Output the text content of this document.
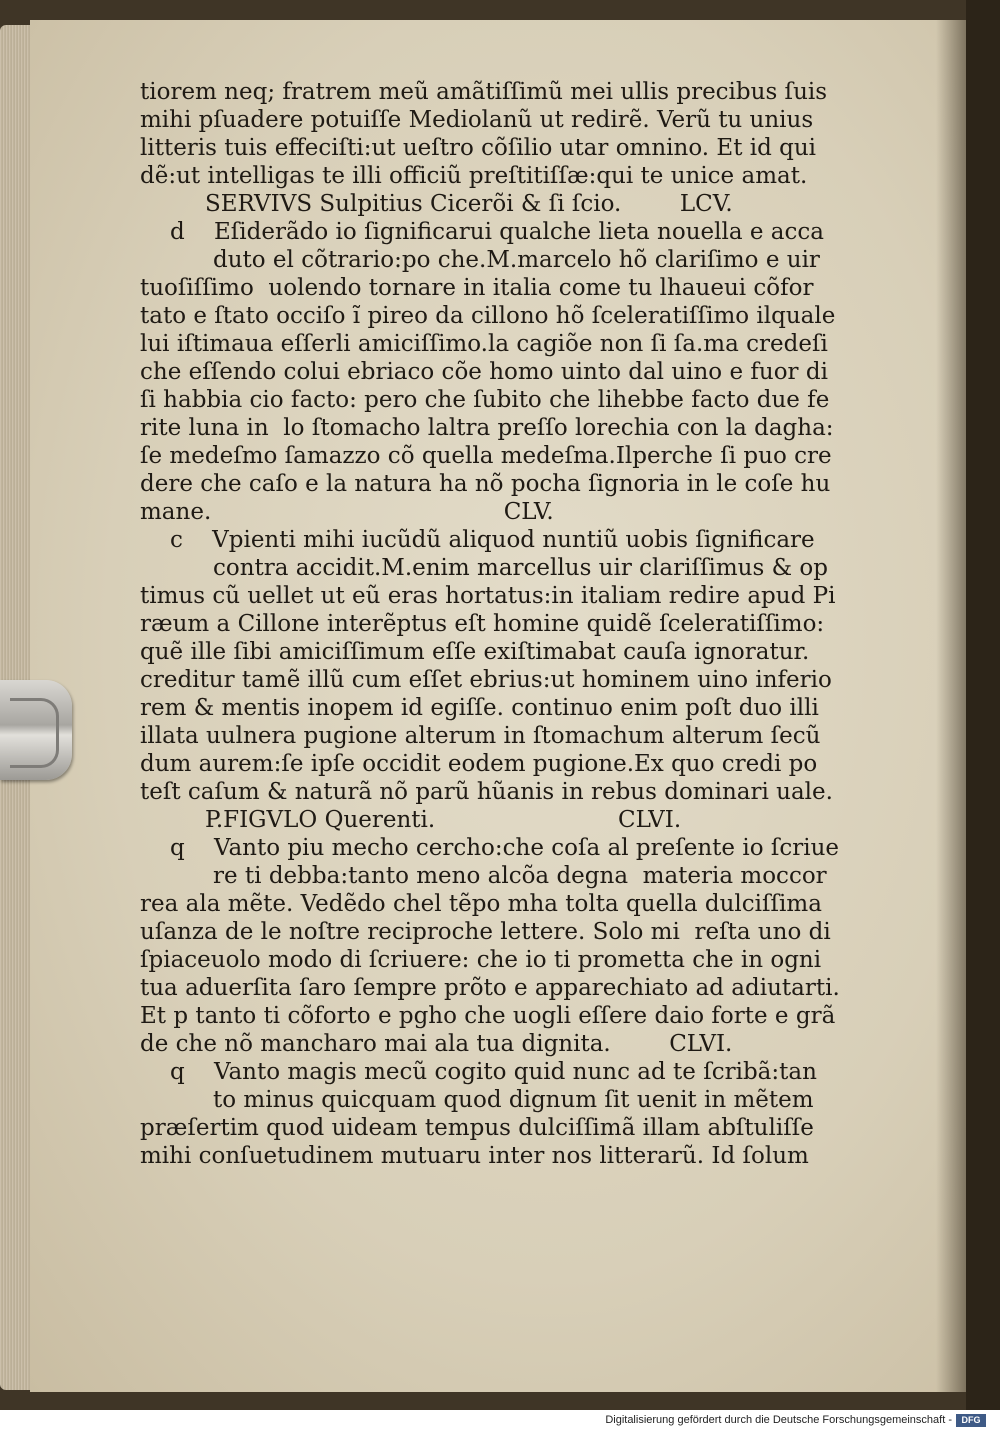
tiorem neq; fratrem meũ amãtiſſimũ mei ullis precibus ſuis
mihi pſuadere potuiſſe Mediolanũ ut redirẽ. Verũ tu unius
litteris tuis effeciſti:ut ueſtro cõſilio utar omnino. Et id qui
dẽ:ut intelligas te illi officiũ preſtitiſſæ:qui te unice amat.
SERVIVS Sulpitius Cicerõi & ſi ſcio.        LCV.
d    Eſiderãdo io ſignificarui qualche lieta nouella e acca
duto el cõtrario:po che.M.marcelo hõ clariſimo e uir
tuoſiſſimo  uolendo tornare in italia come tu lhaueui cõfor
tato e ſtato occiſo ĩ pireo da cillono hõ ſceleratiſſimo ilquale
lui iſtimaua eſſerli amiciſſimo.la cagiõe non ſi ſa.ma credeſi
che eſſendo colui ebriaco cõe homo uinto dal uino e fuor di
ſi habbia cio facto: pero che ſubito che lihebbe facto due fe
rite luna in  lo ſtomacho laltra preſſo lorechia con la dagha:
ſe medeſmo ſamazzo cõ quella medeſma.Ilperche ſi puo cre
dere che caſo e la natura ha nõ pocha ſignoria in le coſe hu
mane.                                        CLV.
c    Vpienti mihi iucũdũ aliquod nuntiũ uobis ſignificare
contra accidit.M.enim marcellus uir clariſſimus & op
timus cũ uellet ut eũ eras hortatus:in italiam redire apud Pi
ræum a Cillone interẽptus eſt homine quidẽ ſceleratiſſimo:
quẽ ille ſibi amiciſſimum eſſe exiſtimabat cauſa ignoratur.
creditur tamẽ illũ cum eſſet ebrius:ut hominem uino inferio
rem & mentis inopem id egiſſe. continuo enim poſt duo illi
illata uulnera pugione alterum in ſtomachum alterum ſecũ
dum aurem:ſe ipſe occidit eodem pugione.Ex quo credi po
teſt caſum & naturã nõ parũ hũanis in rebus dominari uale.
P.FIGVLO Querenti.                         CLVI.
q    Vanto piu mecho cercho:che coſa al preſente io ſcriue
re ti debba:tanto meno alcõa degna  materia moccor
rea ala mẽte. Vedẽdo chel tẽpo mha tolta quella dulciſſima
uſanza de le noſtre reciproche lettere. Solo mi  reſta uno di
ſpiaceuolo modo di ſcriuere: che io ti prometta che in ogni
tua aduerſita ſaro ſempre prõto e apparechiato ad adiutarti.
Et p tanto ti cõforto e pgho che uogli eſſere daio forte e grã
de che nõ mancharo mai ala tua dignita.        CLVI.
q    Vanto magis mecũ cogito quid nunc ad te ſcribã:tan
to minus quicquam quod dignum ſit uenit in mẽtem
præſertim quod uideam tempus dulciſſimã illam abſtuliſſe
mihi conſuetudinem mutuaru inter nos litterarũ. Id ſolum
Digitalisierung gefördert durch die Deutsche Forschungsgemeinschaft -	DFG
